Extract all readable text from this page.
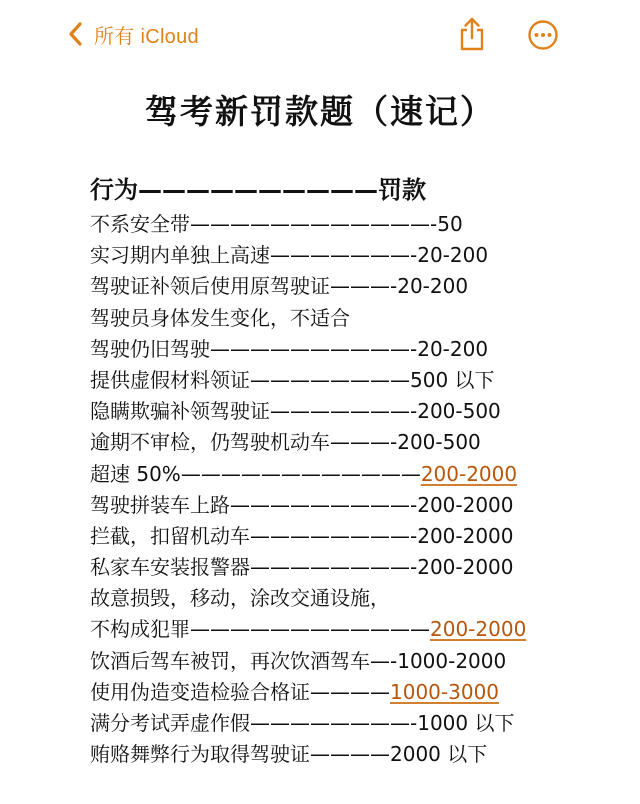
所有 iCloud
驾考新罚款题（速记）
行为——————————罚款
不系安全带————————————-50
实习期内单独上高速———————-20-200
驾驶证补领后使用原驾驶证———-20-200
驾驶员身体发生变化，不适合
驾驶仍旧驾驶——————————-20-200
提供虚假材料领证————————500 以下
隐瞒欺骗补领驾驶证———————-200-500
逾期不审检，仍驾驶机动车———-200-500
超速 50%————————————200-2000
驾驶拼装车上路—————————-200-2000
拦截，扣留机动车————————-200-2000
私家车安装报警器————————-200-2000
故意损毁，移动，涂改交通设施，
不构成犯罪————————————200-2000
饮酒后驾车被罚，再次饮酒驾车—-1000-2000
使用伪造变造检验合格证————1000-3000
满分考试弄虚作假————————-1000 以下
贿赂舞弊行为取得驾驶证————2000 以下
